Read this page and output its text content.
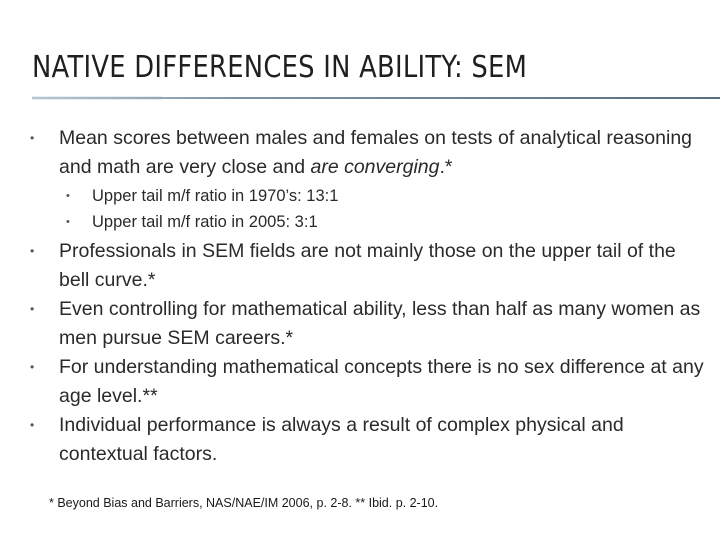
NATIVE DIFFERENCES IN ABILITY: SEM
• Mean scores between males and females on tests of analytical reasoning and math are very close and are converging.*
• Upper tail m/f ratio in 1970’s: 13:1
• Upper tail m/f ratio in 2005: 3:1
• Professionals in SEM fields are not mainly those on the upper tail of the bell curve.*
• Even controlling for mathematical ability, less than half as many women as men pursue SEM careers.*
• For understanding mathematical concepts there is no sex difference at any age level.**
• Individual performance is always a result of complex physical and contextual factors.
* Beyond Bias and Barriers, NAS/NAE/IM 2006, p. 2-8. ** Ibid. p. 2-10.
